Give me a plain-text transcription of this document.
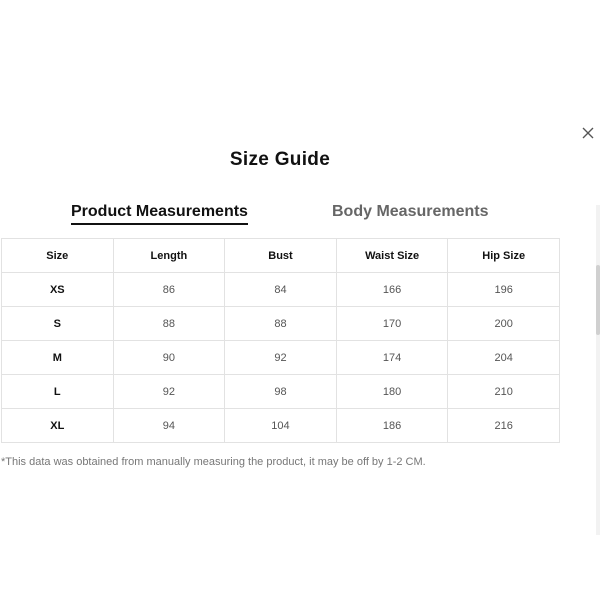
Size Guide
Product Measurements	Body Measurements
Size	Length	Bust	Waist Size	Hip Size
XS	86	84	166	196
S	88	88	170	200
M	90	92	174	204
L	92	98	180	210
XL	94	104	186	216
*This data was obtained from manually measuring the product, it may be off by 1-2 CM.
